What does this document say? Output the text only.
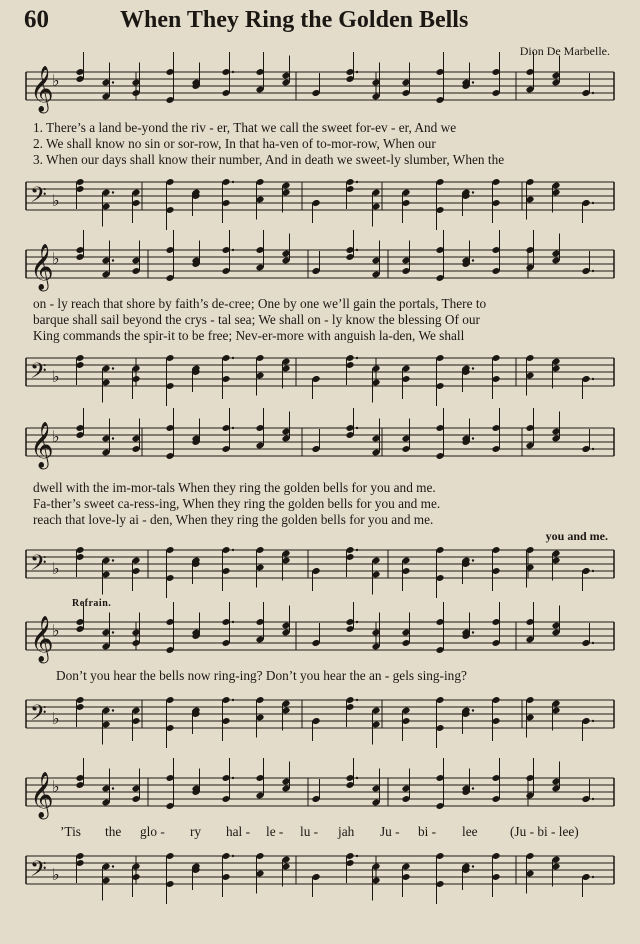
60	When They Ring the Golden Bells
Dion De Marbelle.
𝄞
♭
1. There’s a land be-yond the riv - er, That we call the sweet for-ev - er, And we
2. We shall know no sin or sor-row, In that ha-ven of to-mor-row, When our
3. When our days shall know their number, And in death we sweet-ly slumber, When the
𝄢 ♭
𝄞
♭
on - ly reach that shore by faith’s de-cree; One by one we’ll gain the portals, There to
barque shall sail beyond the crys - tal sea; We shall on - ly know the blessing Of our
King commands the spir-it to be free; Nev-er-more with anguish la-den, We shall
𝄢 ♭
𝄞
♭
dwell with the im-mor-tals When they ring the golden bells for you and me.
Fa-ther’s sweet ca-ress-ing, When they ring the golden bells for you and me.
reach that love-ly ai - den, When they ring the golden bells for you and me.
you and me.
𝄢 ♭
Refrain.
𝄞
♭
Don’t you hear the bells now ring-ing? Don’t you hear the an - gels sing-ing?
𝄢 ♭
𝄞
♭
’Tis the glo - ry hal - le - lu - jah Ju - bi - lee (Ju - bi - lee)
𝄢 ♭
